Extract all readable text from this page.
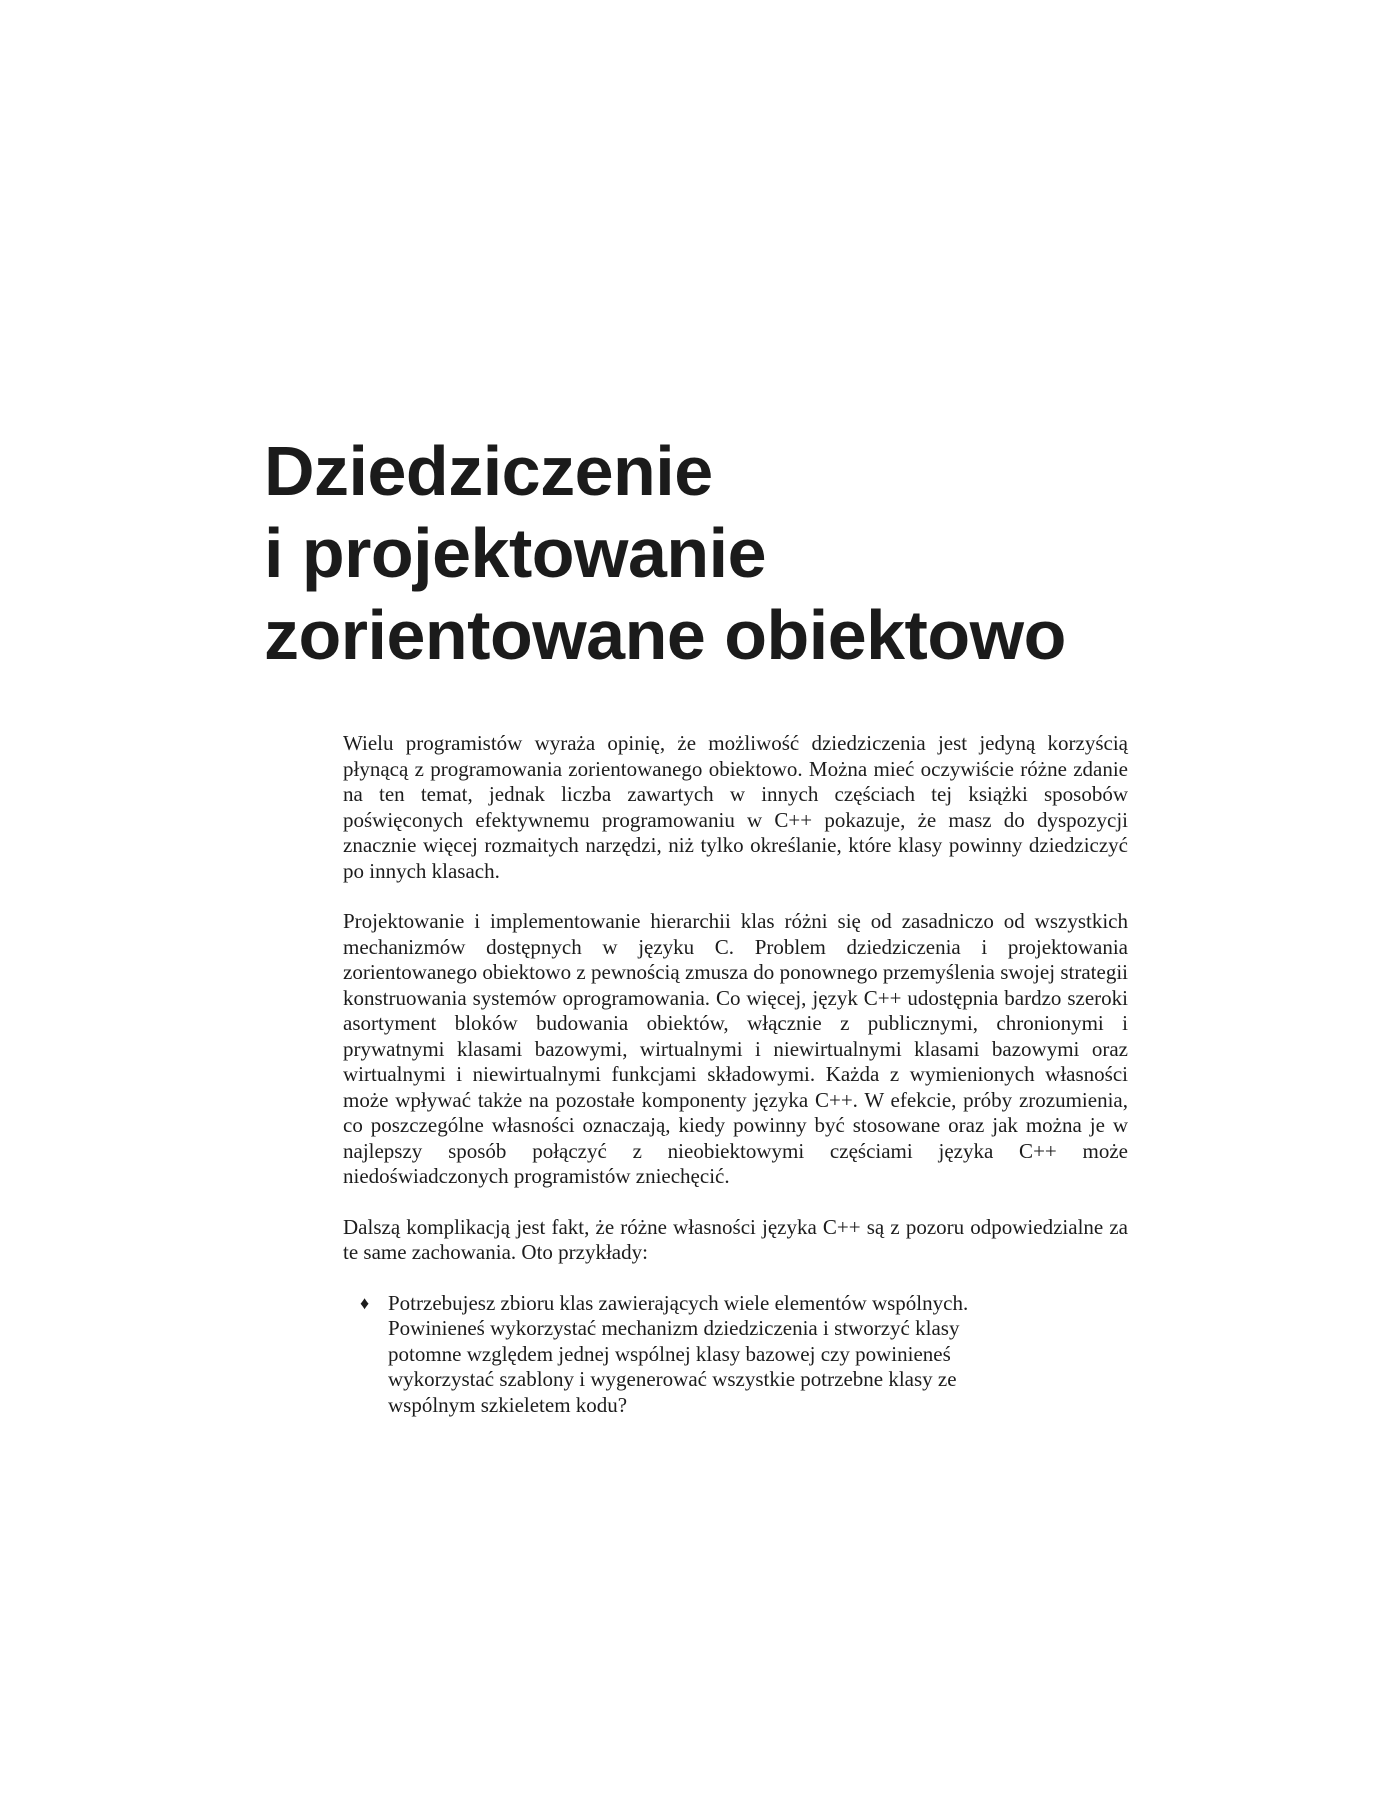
Dziedziczenie
i projektowanie
zorientowane obiektowo

Wielu programistów wyraża opinię, że możliwość dziedziczenia jest jedyną korzyścią płynącą z programowania zorientowanego obiektowo. Można mieć oczywiście różne zdanie na ten temat, jednak liczba zawartych w innych częściach tej książki sposobów poświęconych efektywnemu programowaniu w C++ pokazuje, że masz do dyspozycji znacznie więcej rozmaitych narzędzi, niż tylko określanie, które klasy powinny dziedziczyć po innych klasach.

Projektowanie i implementowanie hierarchii klas różni się od zasadniczo od wszystkich mechanizmów dostępnych w języku C. Problem dziedziczenia i projektowania zorientowanego obiektowo z pewnością zmusza do ponownego przemyślenia swojej strategii konstruowania systemów oprogramowania. Co więcej, język C++ udostępnia bardzo szeroki asortyment bloków budowania obiektów, włącznie z publicznymi, chronionymi i prywatnymi klasami bazowymi, wirtualnymi i niewirtualnymi klasami bazowymi oraz wirtualnymi i niewirtualnymi funkcjami składowymi. Każda z wymienionych własności może wpływać także na pozostałe komponenty języka C++. W efekcie, próby zrozumienia, co poszczególne własności oznaczają, kiedy powinny być stosowane oraz jak można je w najlepszy sposób połączyć z nieobiektowymi częściami języka C++ może niedoświadczonych programistów zniechęcić.

Dalszą komplikacją jest fakt, że różne własności języka C++ są z pozoru odpowiedzialne za te same zachowania. Oto przykłady:

♦ Potrzebujesz zbioru klas zawierających wiele elementów wspólnych. Powinieneś wykorzystać mechanizm dziedziczenia i stworzyć klasy potomne względem jednej wspólnej klasy bazowej czy powinieneś wykorzystać szablony i wygenerować wszystkie potrzebne klasy ze wspólnym szkieletem kodu?
